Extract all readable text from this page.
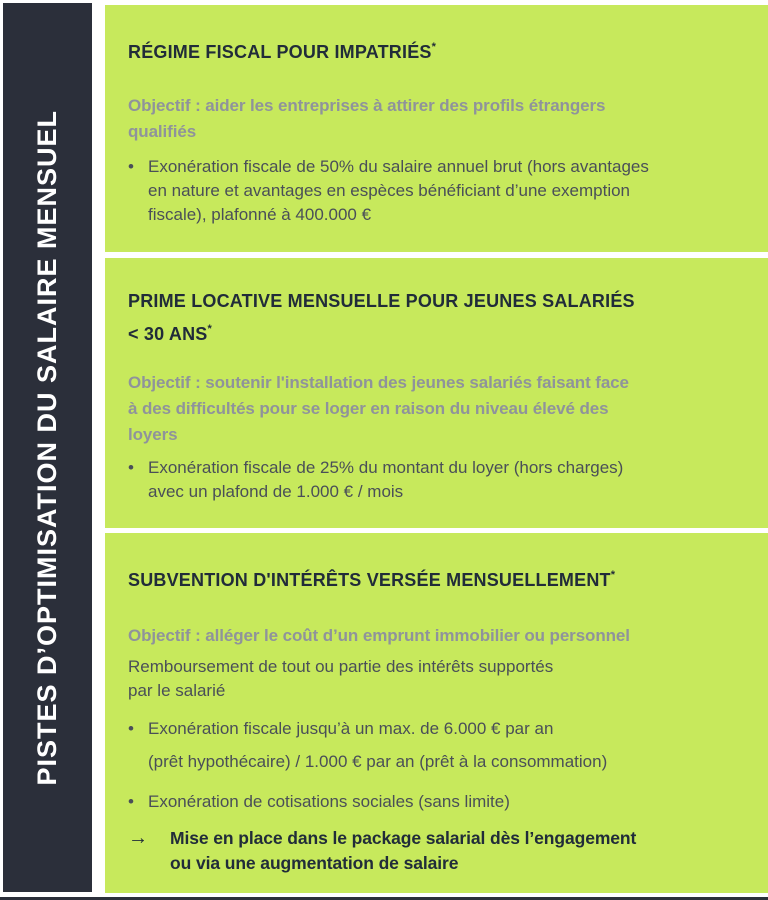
PISTES D’OPTIMISATION DU SALAIRE MENSUEL
RÉGIME FISCAL POUR IMPATRIÉS*

Objectif : aider les entreprises à attirer des profils étrangers
qualifiés

• Exonération fiscale de 50% du salaire annuel brut (hors avantages
en nature et avantages en espèces bénéficiant d’une exemption
fiscale), plafonné à 400.000 €
PRIME LOCATIVE MENSUELLE POUR JEUNES SALARIÉS
< 30 ANS*

Objectif : soutenir l'installation des jeunes salariés faisant face
à des difficultés pour se loger en raison du niveau élevé des
loyers

• Exonération fiscale de 25% du montant du loyer (hors charges)
avec un plafond de 1.000 € / mois
SUBVENTION D'INTÉRÊTS VERSÉE MENSUELLEMENT*

Objectif : alléger le coût d’un emprunt immobilier ou personnel

Remboursement de tout ou partie des intérêts supportés
par le salarié

• Exonération fiscale jusqu’à un max. de 6.000 € par an
(prêt hypothécaire) / 1.000 € par an (prêt à la consommation)
• Exonération de cotisations sociales (sans limite)
→	Mise en place dans le package salarial dès l’engagement
ou via une augmentation de salaire
